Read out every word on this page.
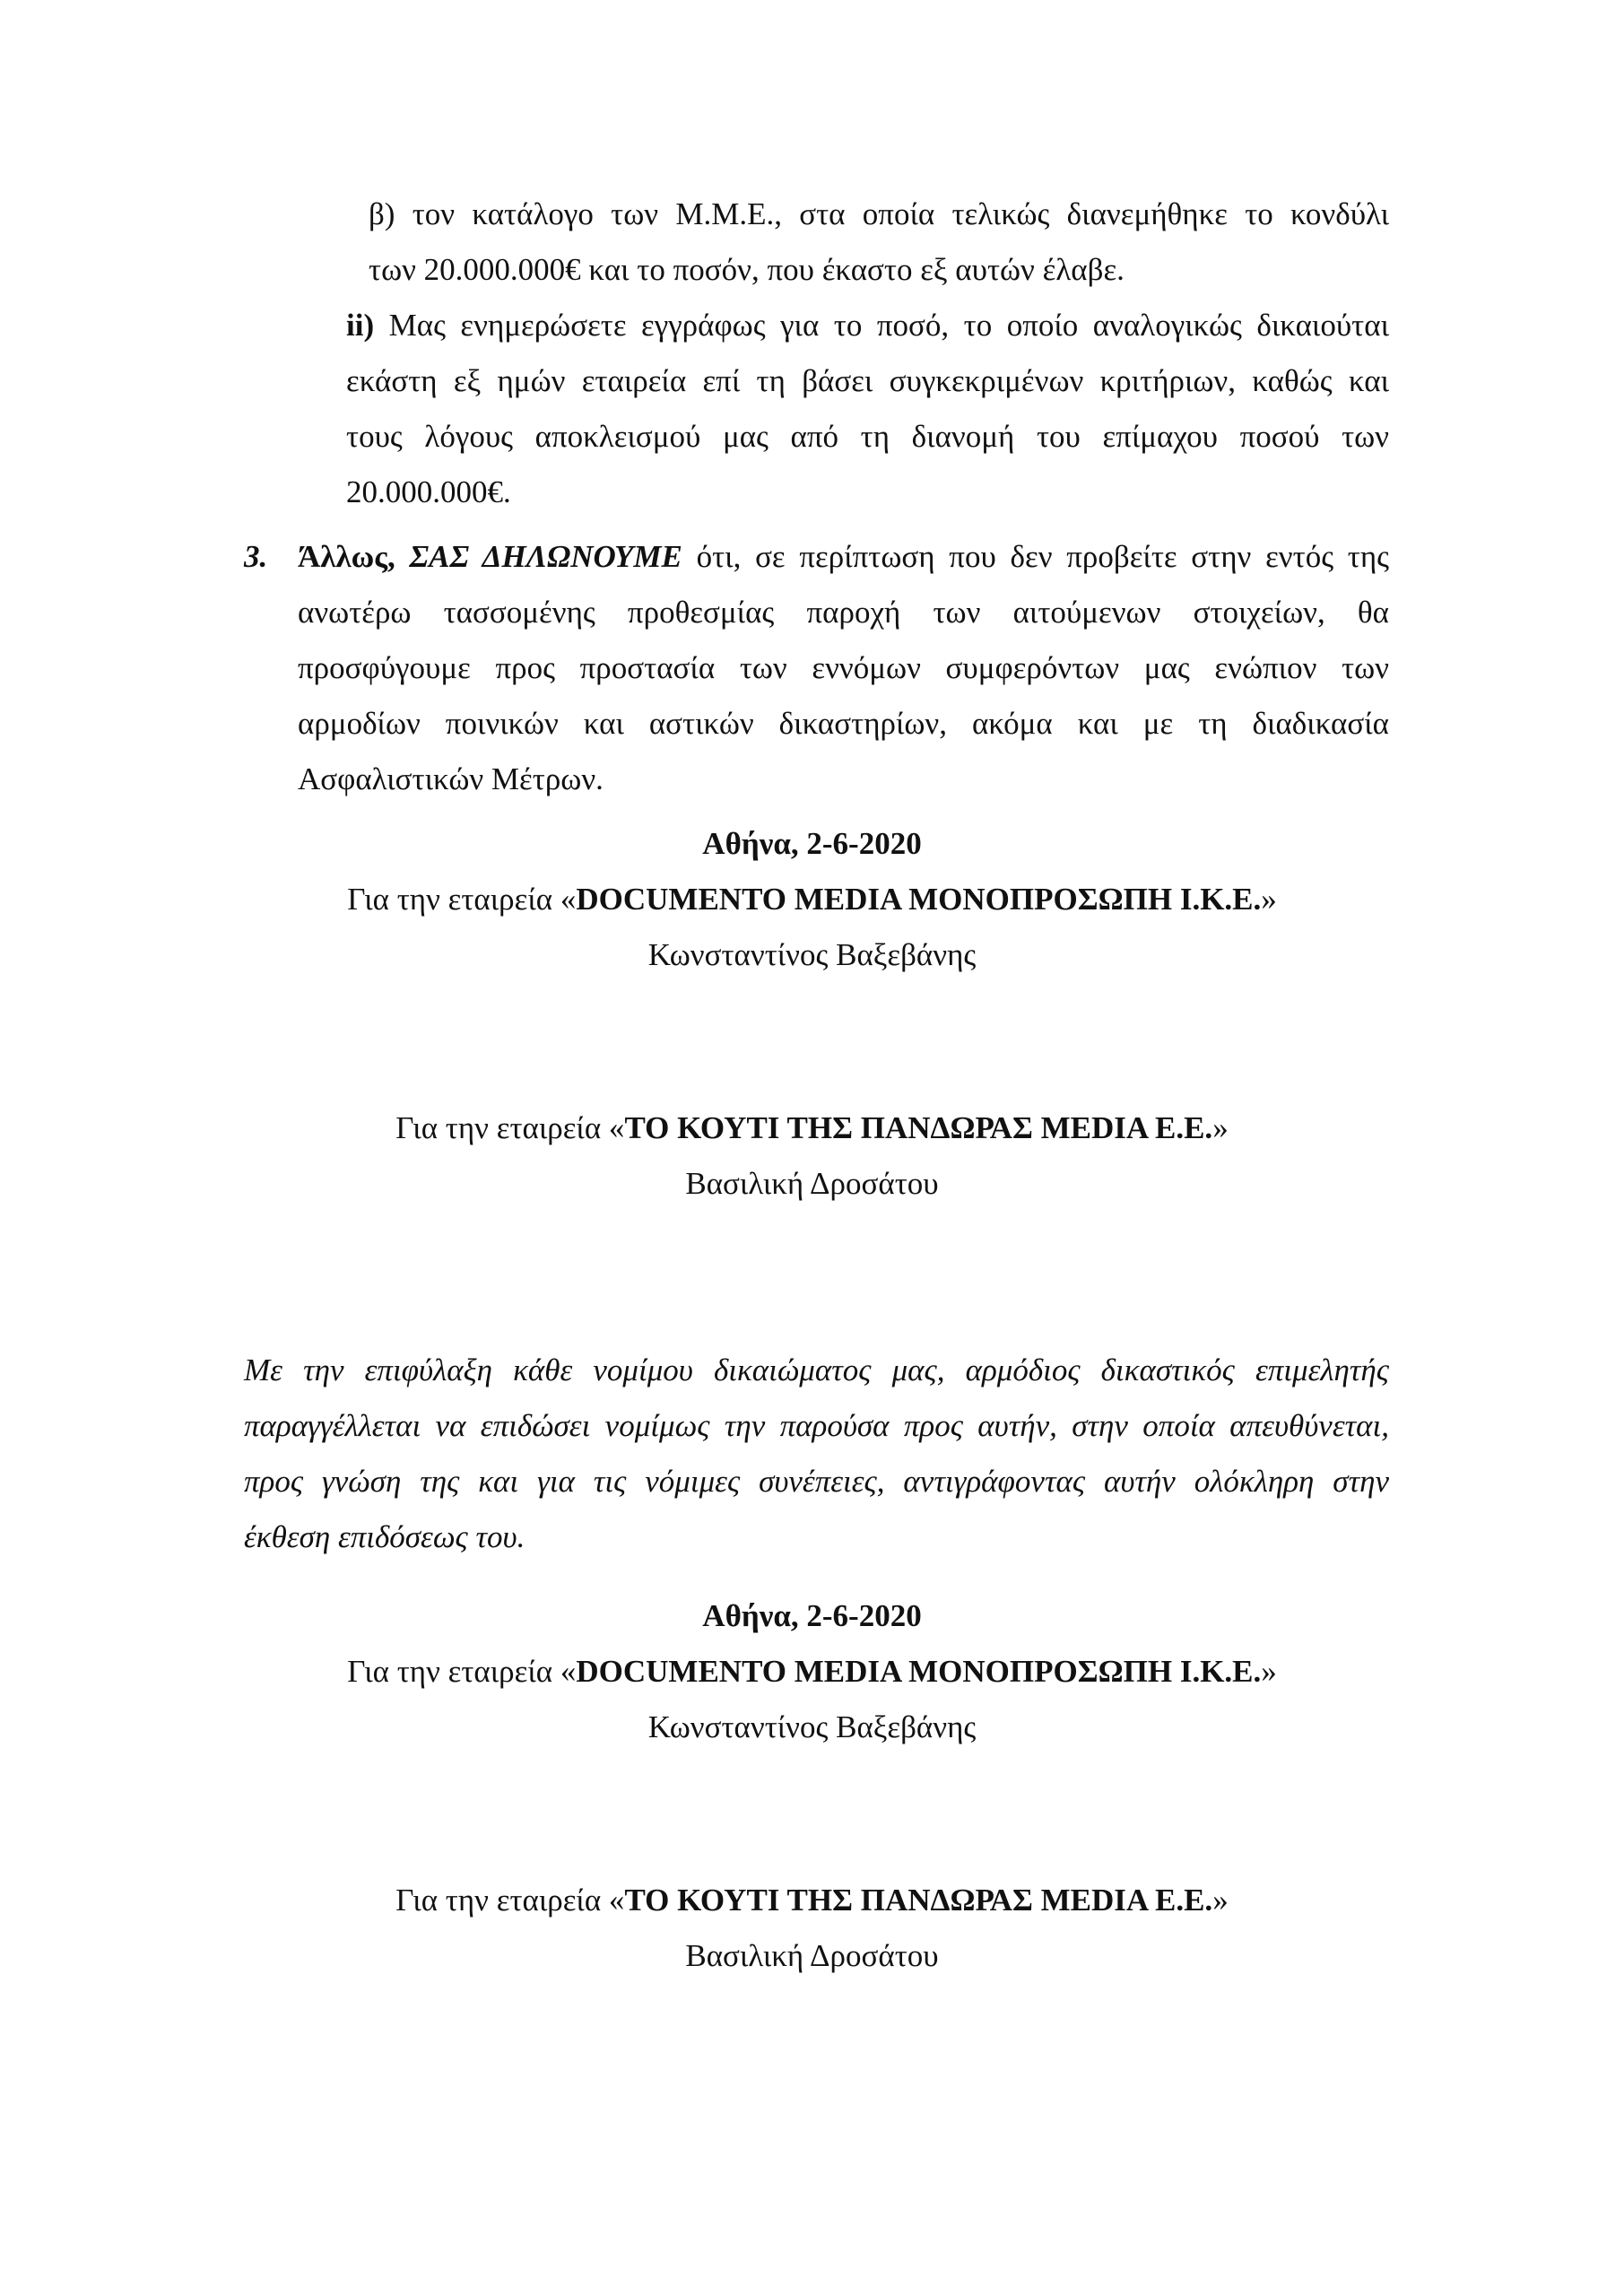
β) τον κατάλογο των Μ.Μ.Ε., στα οποία τελικώς διανεμήθηκε το κονδύλι
των 20.000.000€ και το ποσόν, που έκαστο εξ αυτών έλαβε.
ii) Μας ενημερώσετε εγγράφως για το ποσό, το οποίο αναλογικώς δικαιούται
εκάστη εξ ημών εταιρεία επί τη βάσει συγκεκριμένων κριτήριων, καθώς και
τους λόγους αποκλεισμού μας από τη διανομή του επίμαχου ποσού των
20.000.000€.
3. Άλλως, ΣΑΣ ΔΗΛΩΝΟΥΜΕ ότι, σε περίπτωση που δεν προβείτε στην εντός της
ανωτέρω τασσομένης προθεσμίας παροχή των αιτούμενων στοιχείων, θα
προσφύγουμε προς προστασία των εννόμων συμφερόντων μας ενώπιον των
αρμοδίων ποινικών και αστικών δικαστηρίων, ακόμα και με τη διαδικασία
Ασφαλιστικών Μέτρων.
Αθήνα, 2-6-2020
Για την εταιρεία «DOCUMENTO MEDIA ΜΟΝΟΠΡΟΣΩΠΗ Ι.Κ.Ε.»
Κωνσταντίνος Βαξεβάνης
Για την εταιρεία «ΤΟ ΚΟΥΤΙ ΤΗΣ ΠΑΝΔΩΡΑΣ MEDIA E.E.»
Βασιλική Δροσάτου
Με την επιφύλαξη κάθε νομίμου δικαιώματος μας, αρμόδιος δικαστικός επιμελητής
παραγγέλλεται να επιδώσει νομίμως την παρούσα προς αυτήν, στην οποία απευθύνεται,
προς γνώση της και για τις νόμιμες συνέπειες, αντιγράφοντας αυτήν ολόκληρη στην
έκθεση επιδόσεως του.
Αθήνα, 2-6-2020
Για την εταιρεία «DOCUMENTO MEDIA ΜΟΝΟΠΡΟΣΩΠΗ Ι.Κ.Ε.»
Κωνσταντίνος Βαξεβάνης
Για την εταιρεία «ΤΟ ΚΟΥΤΙ ΤΗΣ ΠΑΝΔΩΡΑΣ MEDIA E.E.»
Βασιλική Δροσάτου
